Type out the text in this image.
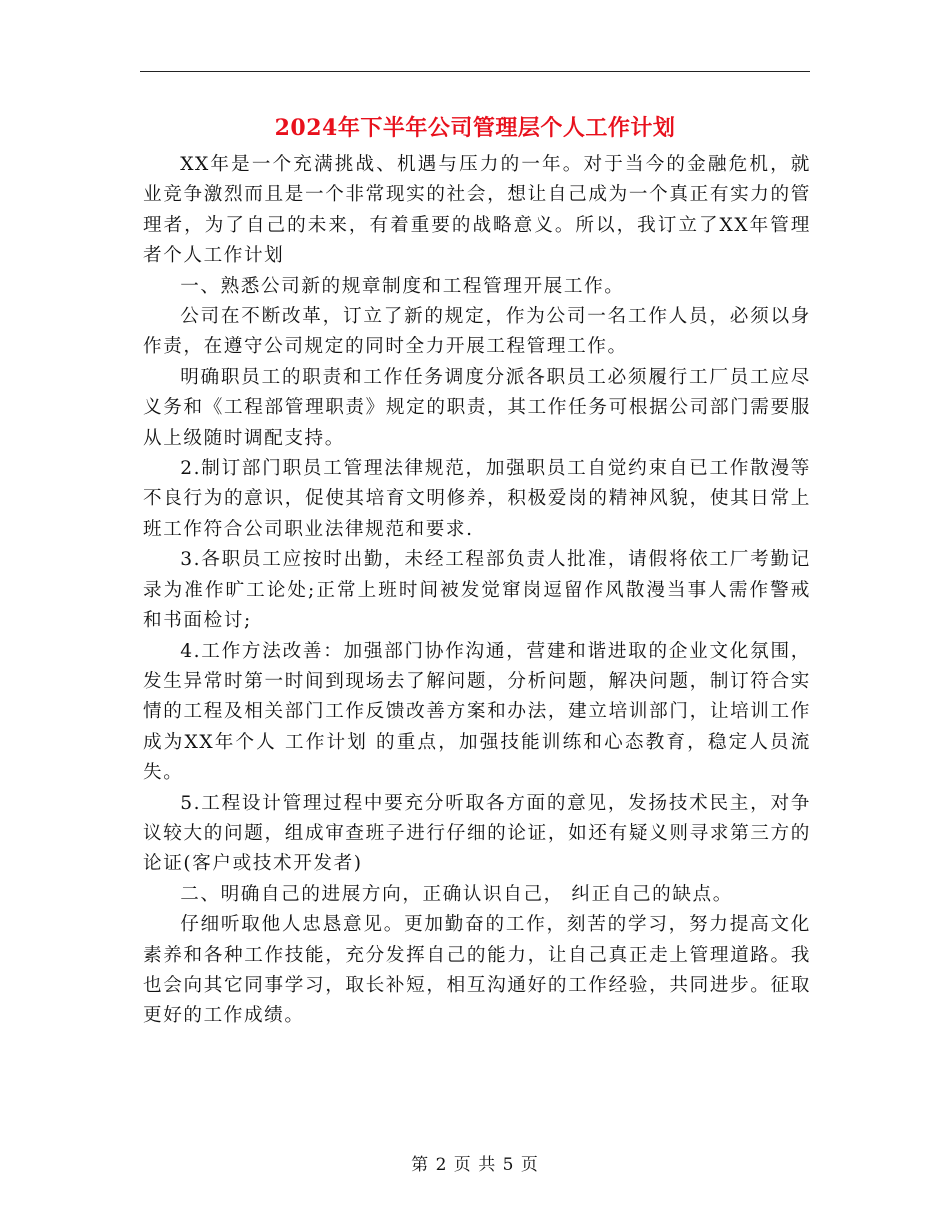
2024年下半年公司管理层个人工作计划

XX年是一个充满挑战、机遇与压力的一年。对于当今的金融危机，就业竞争激烈而且是一个非常现实的社会，想让自己成为一个真正有实力的管理者，为了自己的未来，有着重要的战略意义。所以，我订立了XX年管理者个人工作计划

一、熟悉公司新的规章制度和工程管理开展工作。

公司在不断改革，订立了新的规定，作为公司一名工作人员，必须以身作责，在遵守公司规定的同时全力开展工程管理工作。

明确职员工的职责和工作任务调度分派各职员工必须履行工厂员工应尽义务和《工程部管理职责》规定的职责，其工作任务可根据公司部门需要服从上级随时调配支持。

2.制订部门职员工管理法律规范，加强职员工自觉约束自已工作散漫等不良行为的意识，促使其培育文明修养，积极爱岗的精神风貌，使其日常上班工作符合公司职业法律规范和要求.

3.各职员工应按时出勤，未经工程部负责人批准，请假将依工厂考勤记录为准作旷工论处;正常上班时间被发觉窜岗逗留作风散漫当事人需作警戒和书面检讨;

4.工作方法改善：加强部门协作沟通，营建和谐进取的企业文化氛围，发生异常时第一时间到现场去了解问题，分析问题，解决问题，制订符合实情的工程及相关部门工作反馈改善方案和办法，建立培训部门，让培训工作成为XX年个人 工作计划 的重点，加强技能训练和心态教育，稳定人员流失。

5.工程设计管理过程中要充分听取各方面的意见，发扬技术民主，对争议较大的问题，组成审查班子进行仔细的论证，如还有疑义则寻求第三方的论证(客户或技术开发者)

二、明确自己的进展方向，正确认识自己， 纠正自己的缺点。

仔细听取他人忠恳意见。更加勤奋的工作，刻苦的学习，努力提高文化素养和各种工作技能，充分发挥自己的能力，让自己真正走上管理道路。我也会向其它同事学习，取长补短，相互沟通好的工作经验，共同进步。征取更好的工作成绩。

第 2 页 共 5 页
